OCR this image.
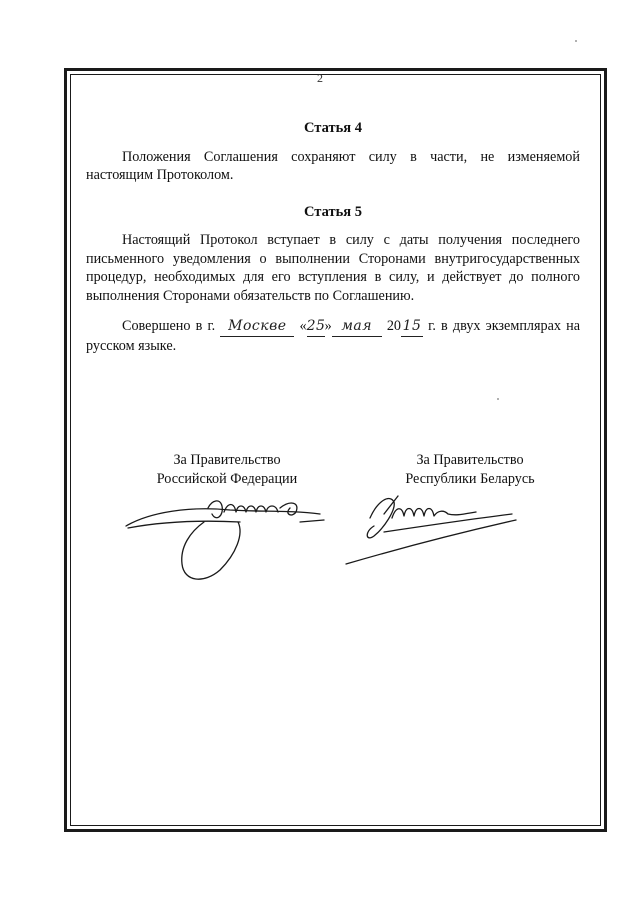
2
Статья 4

Положения Соглашения сохраняют силу в части, не изменяемой настоящим Протоколом.

Статья 5

Настоящий Протокол вступает в силу с даты получения последнего письменного уведомления о выполнении Сторонами внутригосударственных процедур, необходимых для его вступления в силу, и действует до полного выполнения Сторонами обязательств по Соглашению.

Совершено в г. Москве «25» мая 20 15 г. в двух экземплярах на русском языке.

За Правительство
Российской Федерации
За Правительство
Республики Беларусь
